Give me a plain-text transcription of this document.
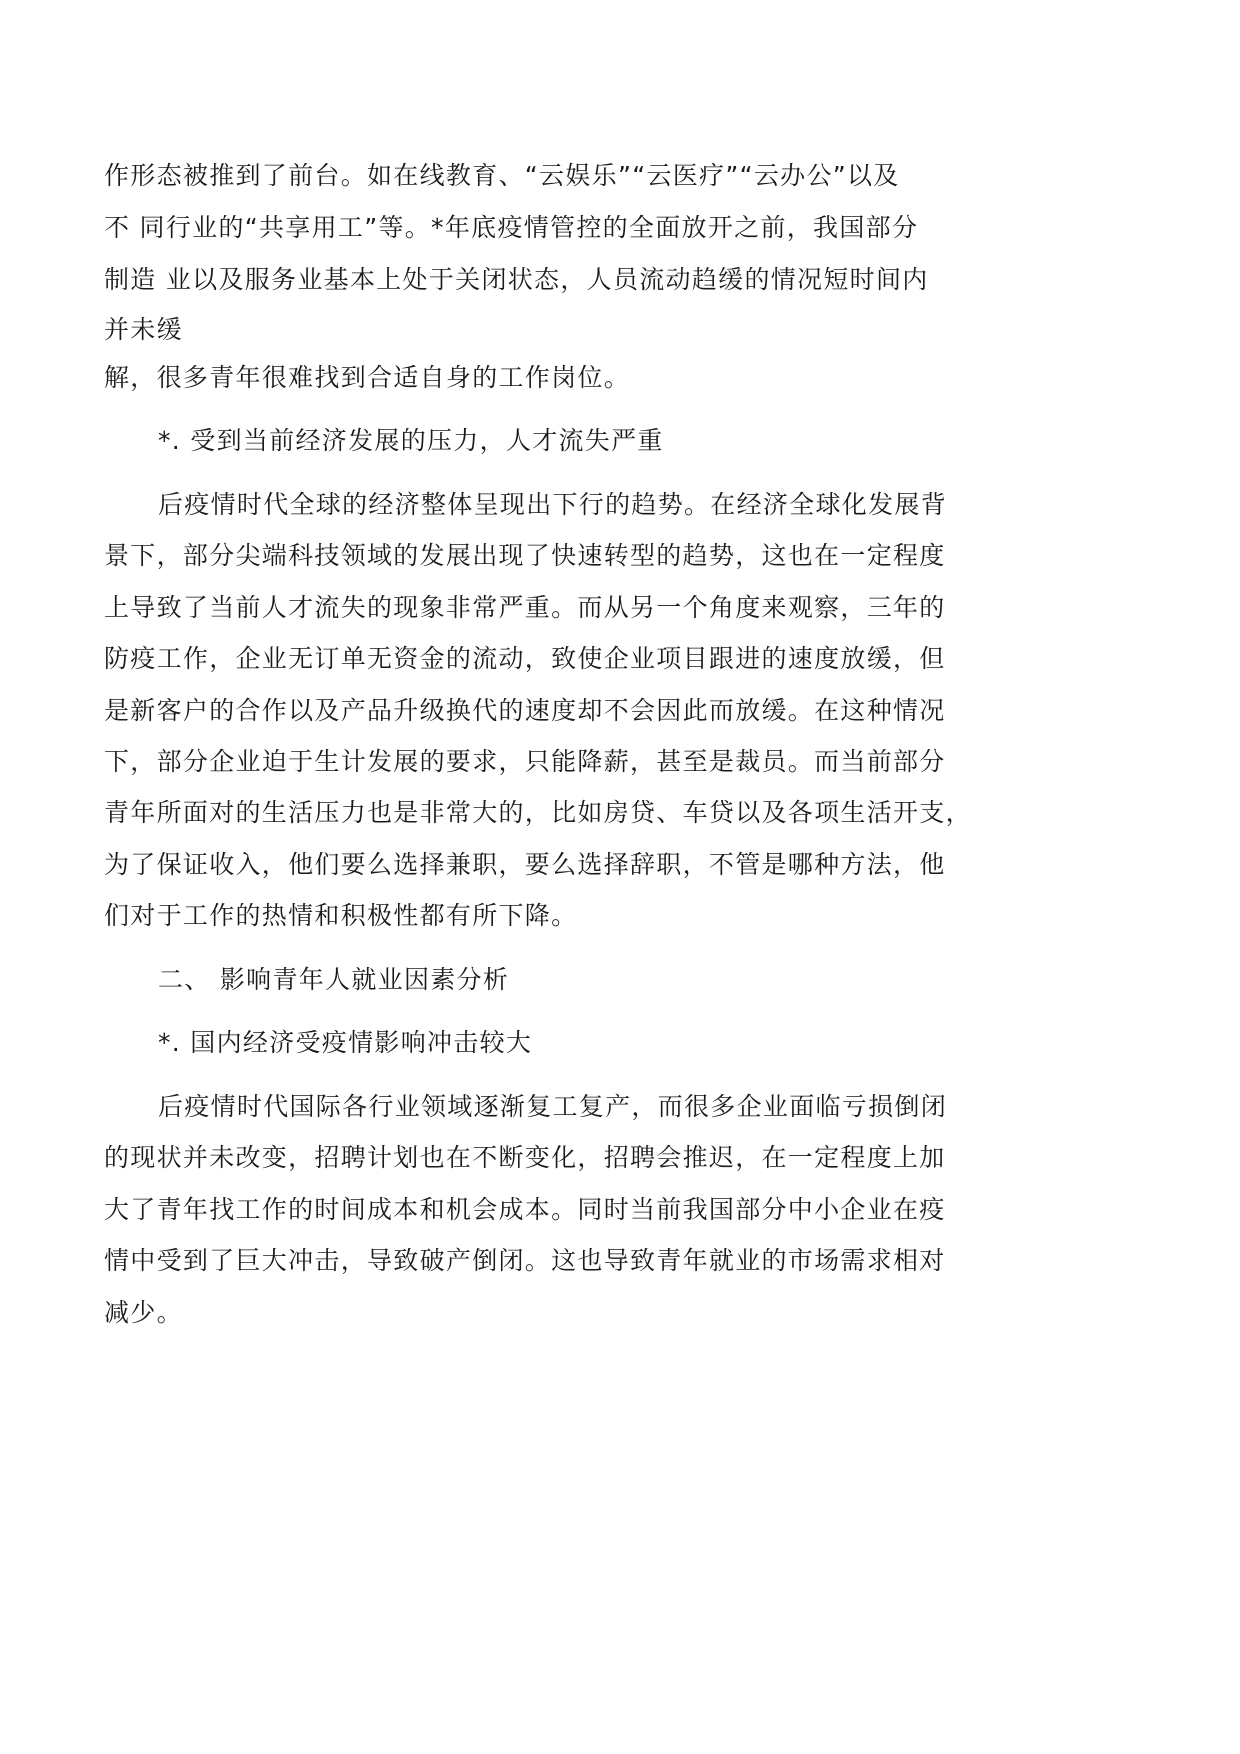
作形态被推到了前台。如在线教育、“云娱乐”“云医疗”“云办公”以及
不 同行业的“共享用工”等。*年底疫情管控的全面放开之前，我国部分
制造 业以及服务业基本上处于关闭状态，人员流动趋缓的情况短时间内
并未缓
解，很多青年很难找到合适自身的工作岗位。
*. 受到当前经济发展的压力，人才流失严重
后疫情时代全球的经济整体呈现出下行的趋势。在经济全球化发展背
景下，部分尖端科技领域的发展出现了快速转型的趋势，这也在一定程度
上导致了当前人才流失的现象非常严重。而从另一个角度来观察，三年的
防疫工作，企业无订单无资金的流动，致使企业项目跟进的速度放缓，但
是新客户的合作以及产品升级换代的速度却不会因此而放缓。在这种情况
下，部分企业迫于生计发展的要求，只能降薪，甚至是裁员。而当前部分
青年所面对的生活压力也是非常大的，比如房贷、车贷以及各项生活开支，
为了保证收入，他们要么选择兼职，要么选择辞职，不管是哪种方法，他
们对于工作的热情和积极性都有所下降。
二、 影响青年人就业因素分析
*. 国内经济受疫情影响冲击较大
后疫情时代国际各行业领域逐渐复工复产，而很多企业面临亏损倒闭
的现状并未改变，招聘计划也在不断变化，招聘会推迟，在一定程度上加
大了青年找工作的时间成本和机会成本。同时当前我国部分中小企业在疫
情中受到了巨大冲击，导致破产倒闭。这也导致青年就业的市场需求相对
减少。
